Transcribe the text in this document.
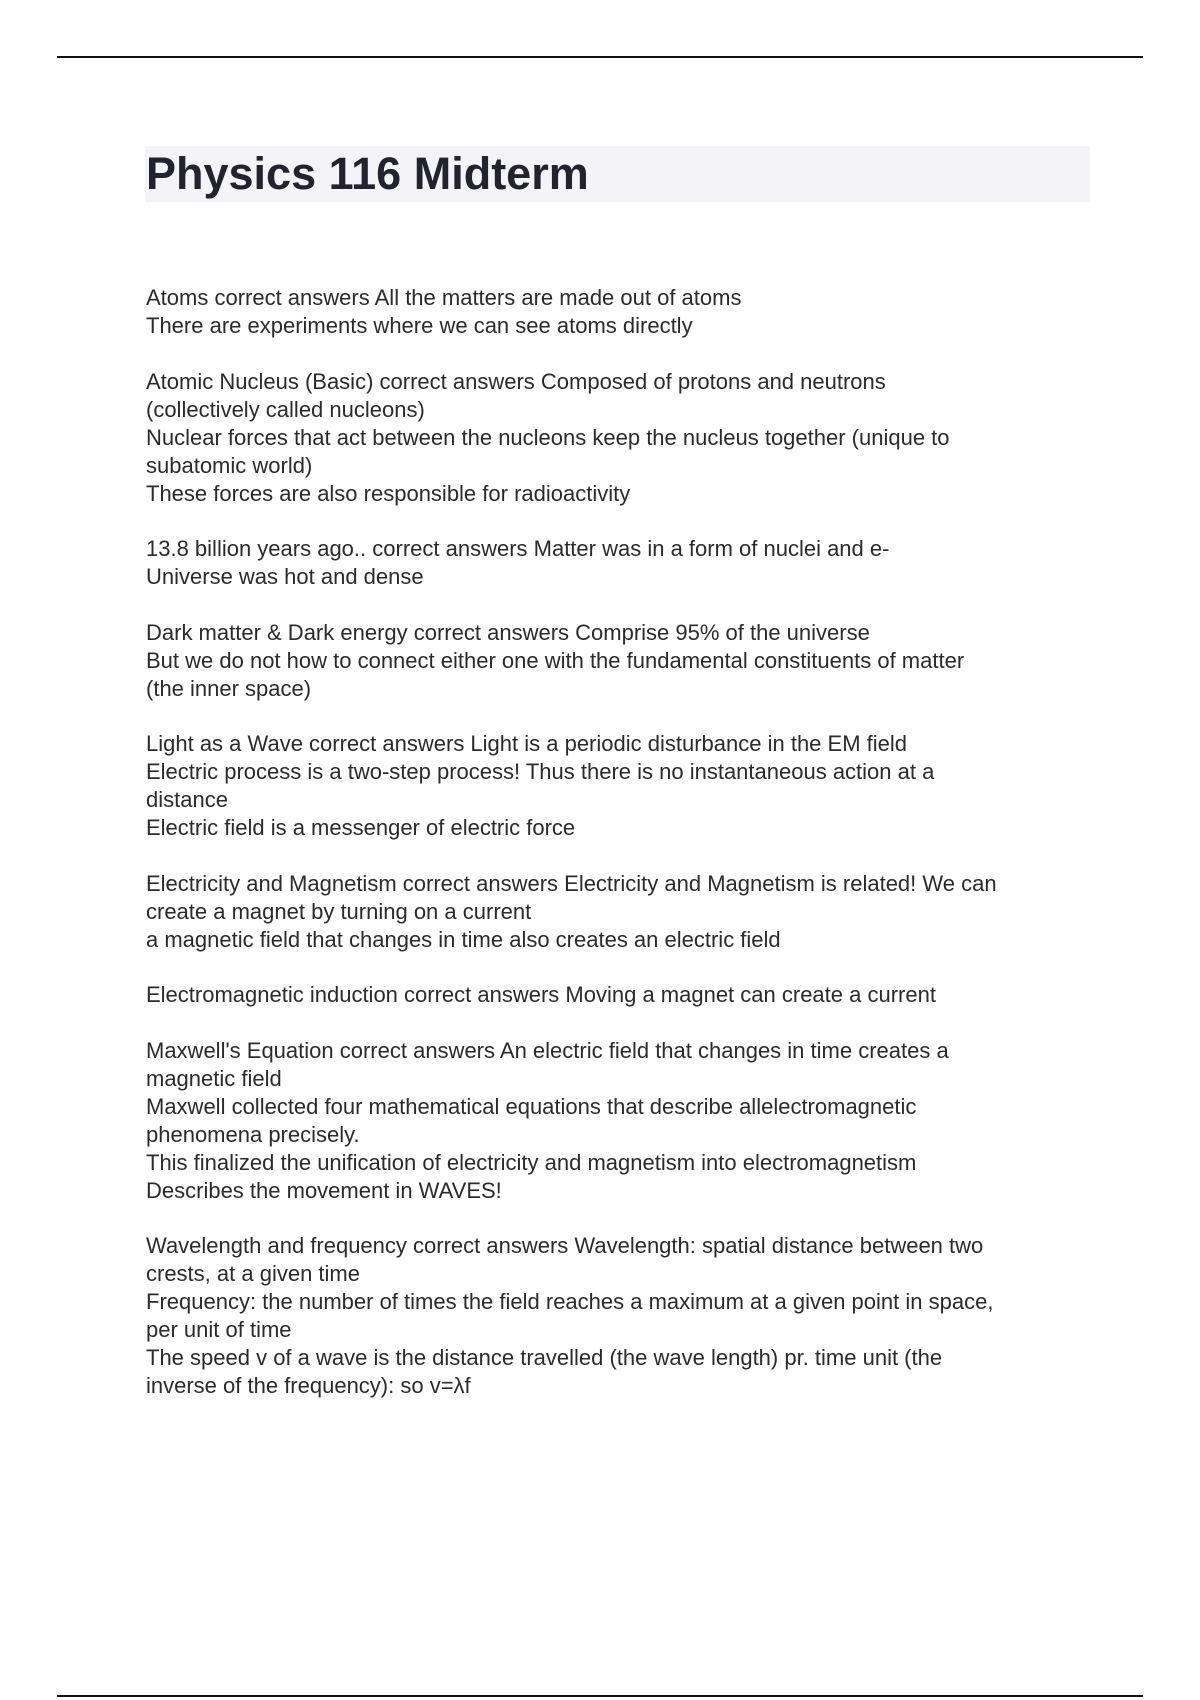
Physics 116 Midterm
Atoms correct answers All the matters are made out of atoms
There are experiments where we can see atoms directly
Atomic Nucleus (Basic) correct answers Composed of protons and neutrons
(collectively called nucleons)
Nuclear forces that act between the nucleons keep the nucleus together (unique to
subatomic world)
These forces are also responsible for radioactivity
13.8 billion years ago.. correct answers Matter was in a form of nuclei and e-
Universe was hot and dense
Dark matter & Dark energy correct answers Comprise 95% of the universe
But we do not how to connect either one with the fundamental constituents of matter
(the inner space)
Light as a Wave correct answers Light is a periodic disturbance in the EM field
Electric process is a two-step process! Thus there is no instantaneous action at a
distance
Electric field is a messenger of electric force
Electricity and Magnetism correct answers Electricity and Magnetism is related! We can
create a magnet by turning on a current
a magnetic field that changes in time also creates an electric field
Electromagnetic induction correct answers Moving a magnet can create a current
Maxwell's Equation correct answers An electric field that changes in time creates a
magnetic field
Maxwell collected four mathematical equations that describe allelectromagnetic
phenomena precisely.
This finalized the unification of electricity and magnetism into electromagnetism
Describes the movement in WAVES!
Wavelength and frequency correct answers Wavelength: spatial distance between two
crests, at a given time
Frequency: the number of times the field reaches a maximum at a given point in space,
per unit of time
The speed v of a wave is the distance travelled (the wave length) pr. time unit (the
inverse of the frequency): so v=λf
